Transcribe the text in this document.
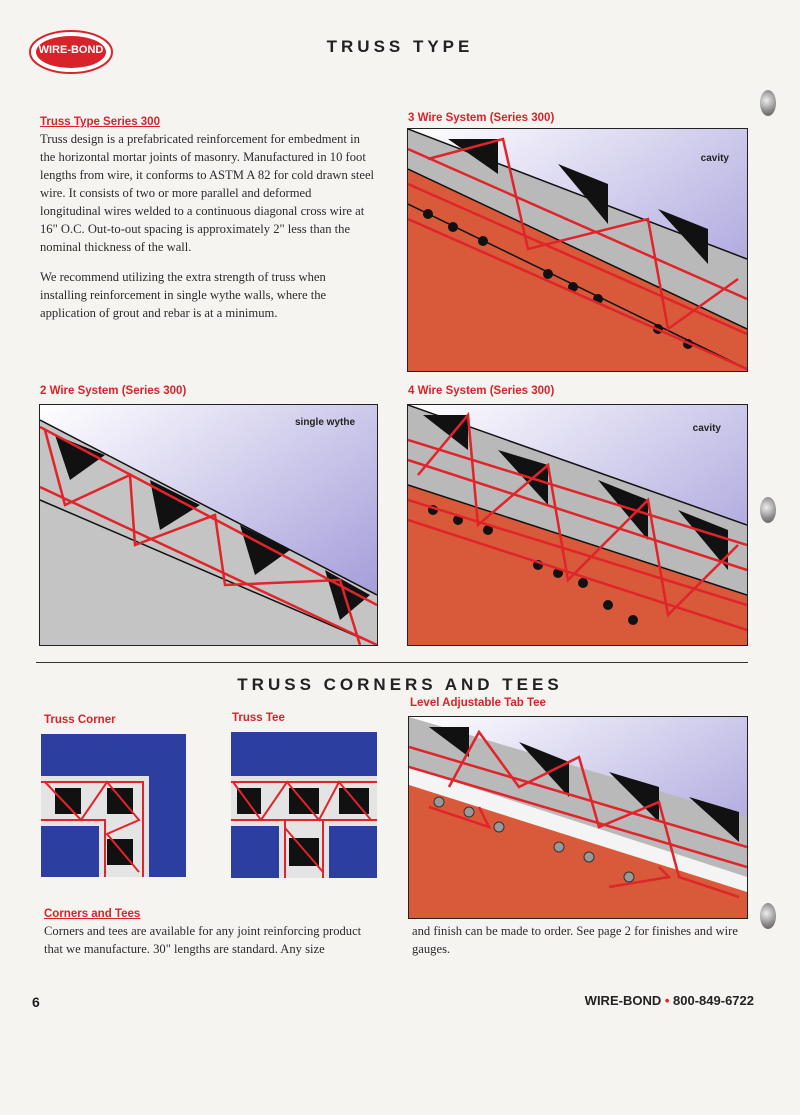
WIRE-BOND	TRUSS TYPE
Truss Type Series 300
Truss design is a prefabricated reinforcement for embedment in the horizontal mortar joints of masonry. Manufactured in 10 foot lengths from wire, it conforms to ASTM A 82 for cold drawn steel wire. It consists of two or more parallel and deformed longitudinal wires welded to a continuous diagonal cross wire at 16" O.C. Out-to-out spacing is approximately 2" less than the nominal thickness of the wall.
We recommend utilizing the extra strength of truss when installing reinforcement in single wythe walls, where the application of grout and rebar is at a minimum.
3 Wire System (Series 300)
cavity
2 Wire System (Series 300)
single wythe
4 Wire System (Series 300)
cavity
TRUSS CORNERS AND TEES
Truss Corner	Truss Tee
Level Adjustable Tab Tee
Corners and Tees
Corners and tees are available for any joint reinforcing product that we manufacture. 30" lengths are standard. Any size
and finish can be made to order. See page 2 for finishes and wire gauges.
6	WIRE-BOND • 800-849-6722
